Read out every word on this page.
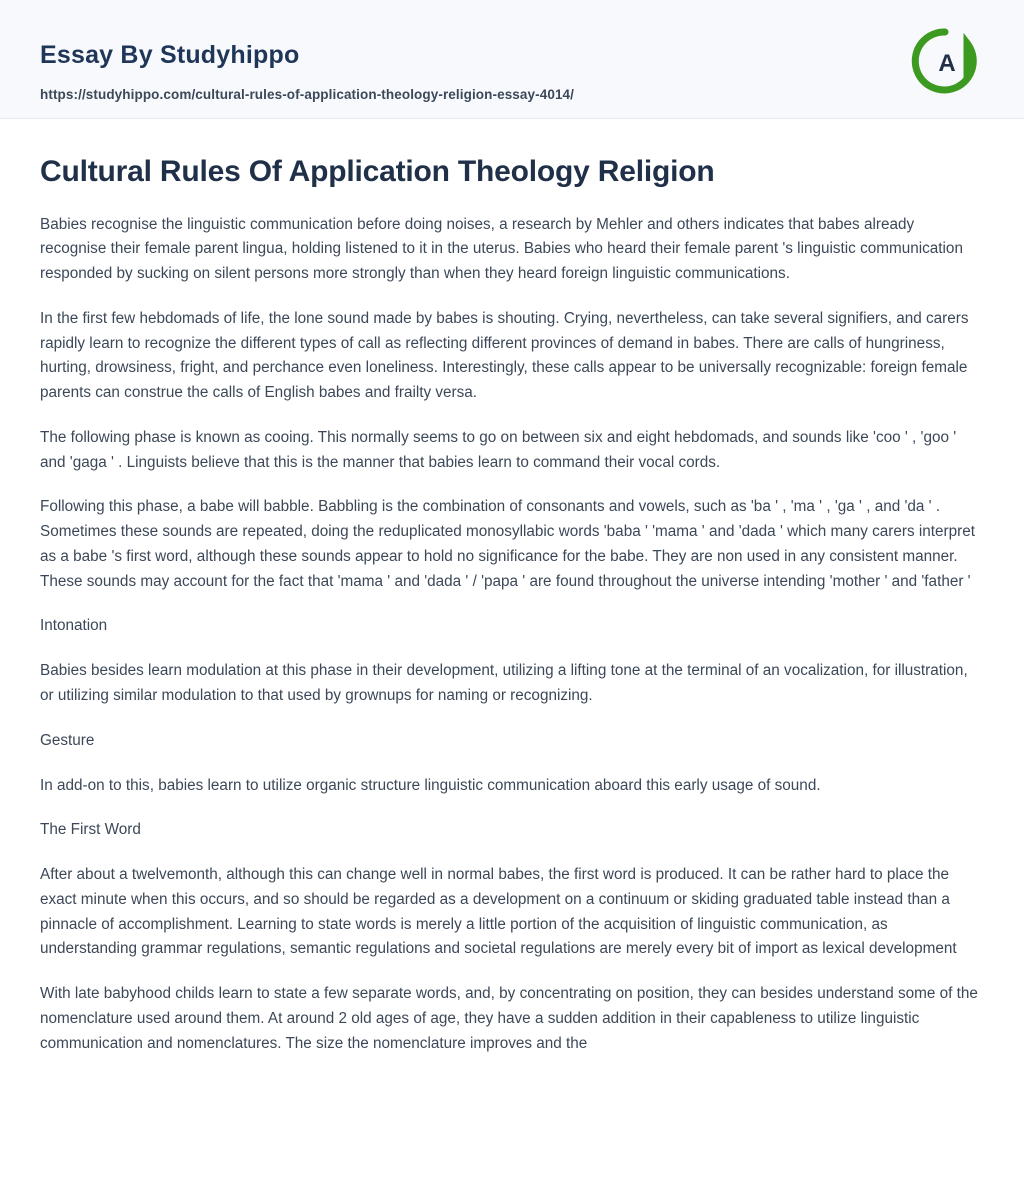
Essay By Studyhippo
https://studyhippo.com/cultural-rules-of-application-theology-religion-essay-4014/
A
Cultural Rules Of Application Theology Religion

Babies recognise the linguistic communication before doing noises, a research by Mehler and others indicates that babes already recognise their female parent lingua, holding listened to it in the uterus. Babies who heard their female parent 's linguistic communication responded by sucking on silent persons more strongly than when they heard foreign linguistic communications.

In the first few hebdomads of life, the lone sound made by babes is shouting. Crying, nevertheless, can take several signifiers, and carers rapidly learn to recognize the different types of call as reflecting different provinces of demand in babes. There are calls of hungriness, hurting, drowsiness, fright, and perchance even loneliness. Interestingly, these calls appear to be universally recognizable: foreign female parents can construe the calls of English babes and frailty versa.

The following phase is known as cooing. This normally seems to go on between six and eight hebdomads, and sounds like 'coo ' , 'goo ' and 'gaga ' . Linguists believe that this is the manner that babies learn to command their vocal cords.

Following this phase, a babe will babble. Babbling is the combination of consonants and vowels, such as 'ba ' , 'ma ' , 'ga ' , and 'da ' . Sometimes these sounds are repeated, doing the reduplicated monosyllabic words 'baba ' 'mama ' and 'dada ' which many carers interpret as a babe 's first word, although these sounds appear to hold no significance for the babe. They are non used in any consistent manner. These sounds may account for the fact that 'mama ' and 'dada ' / 'papa ' are found throughout the universe intending 'mother ' and 'father '

Intonation

Babies besides learn modulation at this phase in their development, utilizing a lifting tone at the terminal of an vocalization, for illustration, or utilizing similar modulation to that used by grownups for naming or recognizing.

Gesture

In add-on to this, babies learn to utilize organic structure linguistic communication aboard this early usage of sound.

The First Word

After about a twelvemonth, although this can change well in normal babes, the first word is produced. It can be rather hard to place the exact minute when this occurs, and so should be regarded as a development on a continuum or skiding graduated table instead than a pinnacle of accomplishment. Learning to state words is merely a little portion of the acquisition of linguistic communication, as understanding grammar regulations, semantic regulations and societal regulations are merely every bit of import as lexical development

With late babyhood childs learn to state a few separate words, and, by concentrating on position, they can besides understand some of the nomenclature used around them. At around 2 old ages of age, they have a sudden addition in their capableness to utilize linguistic communication and nomenclatures. The size the nomenclature improves and the
